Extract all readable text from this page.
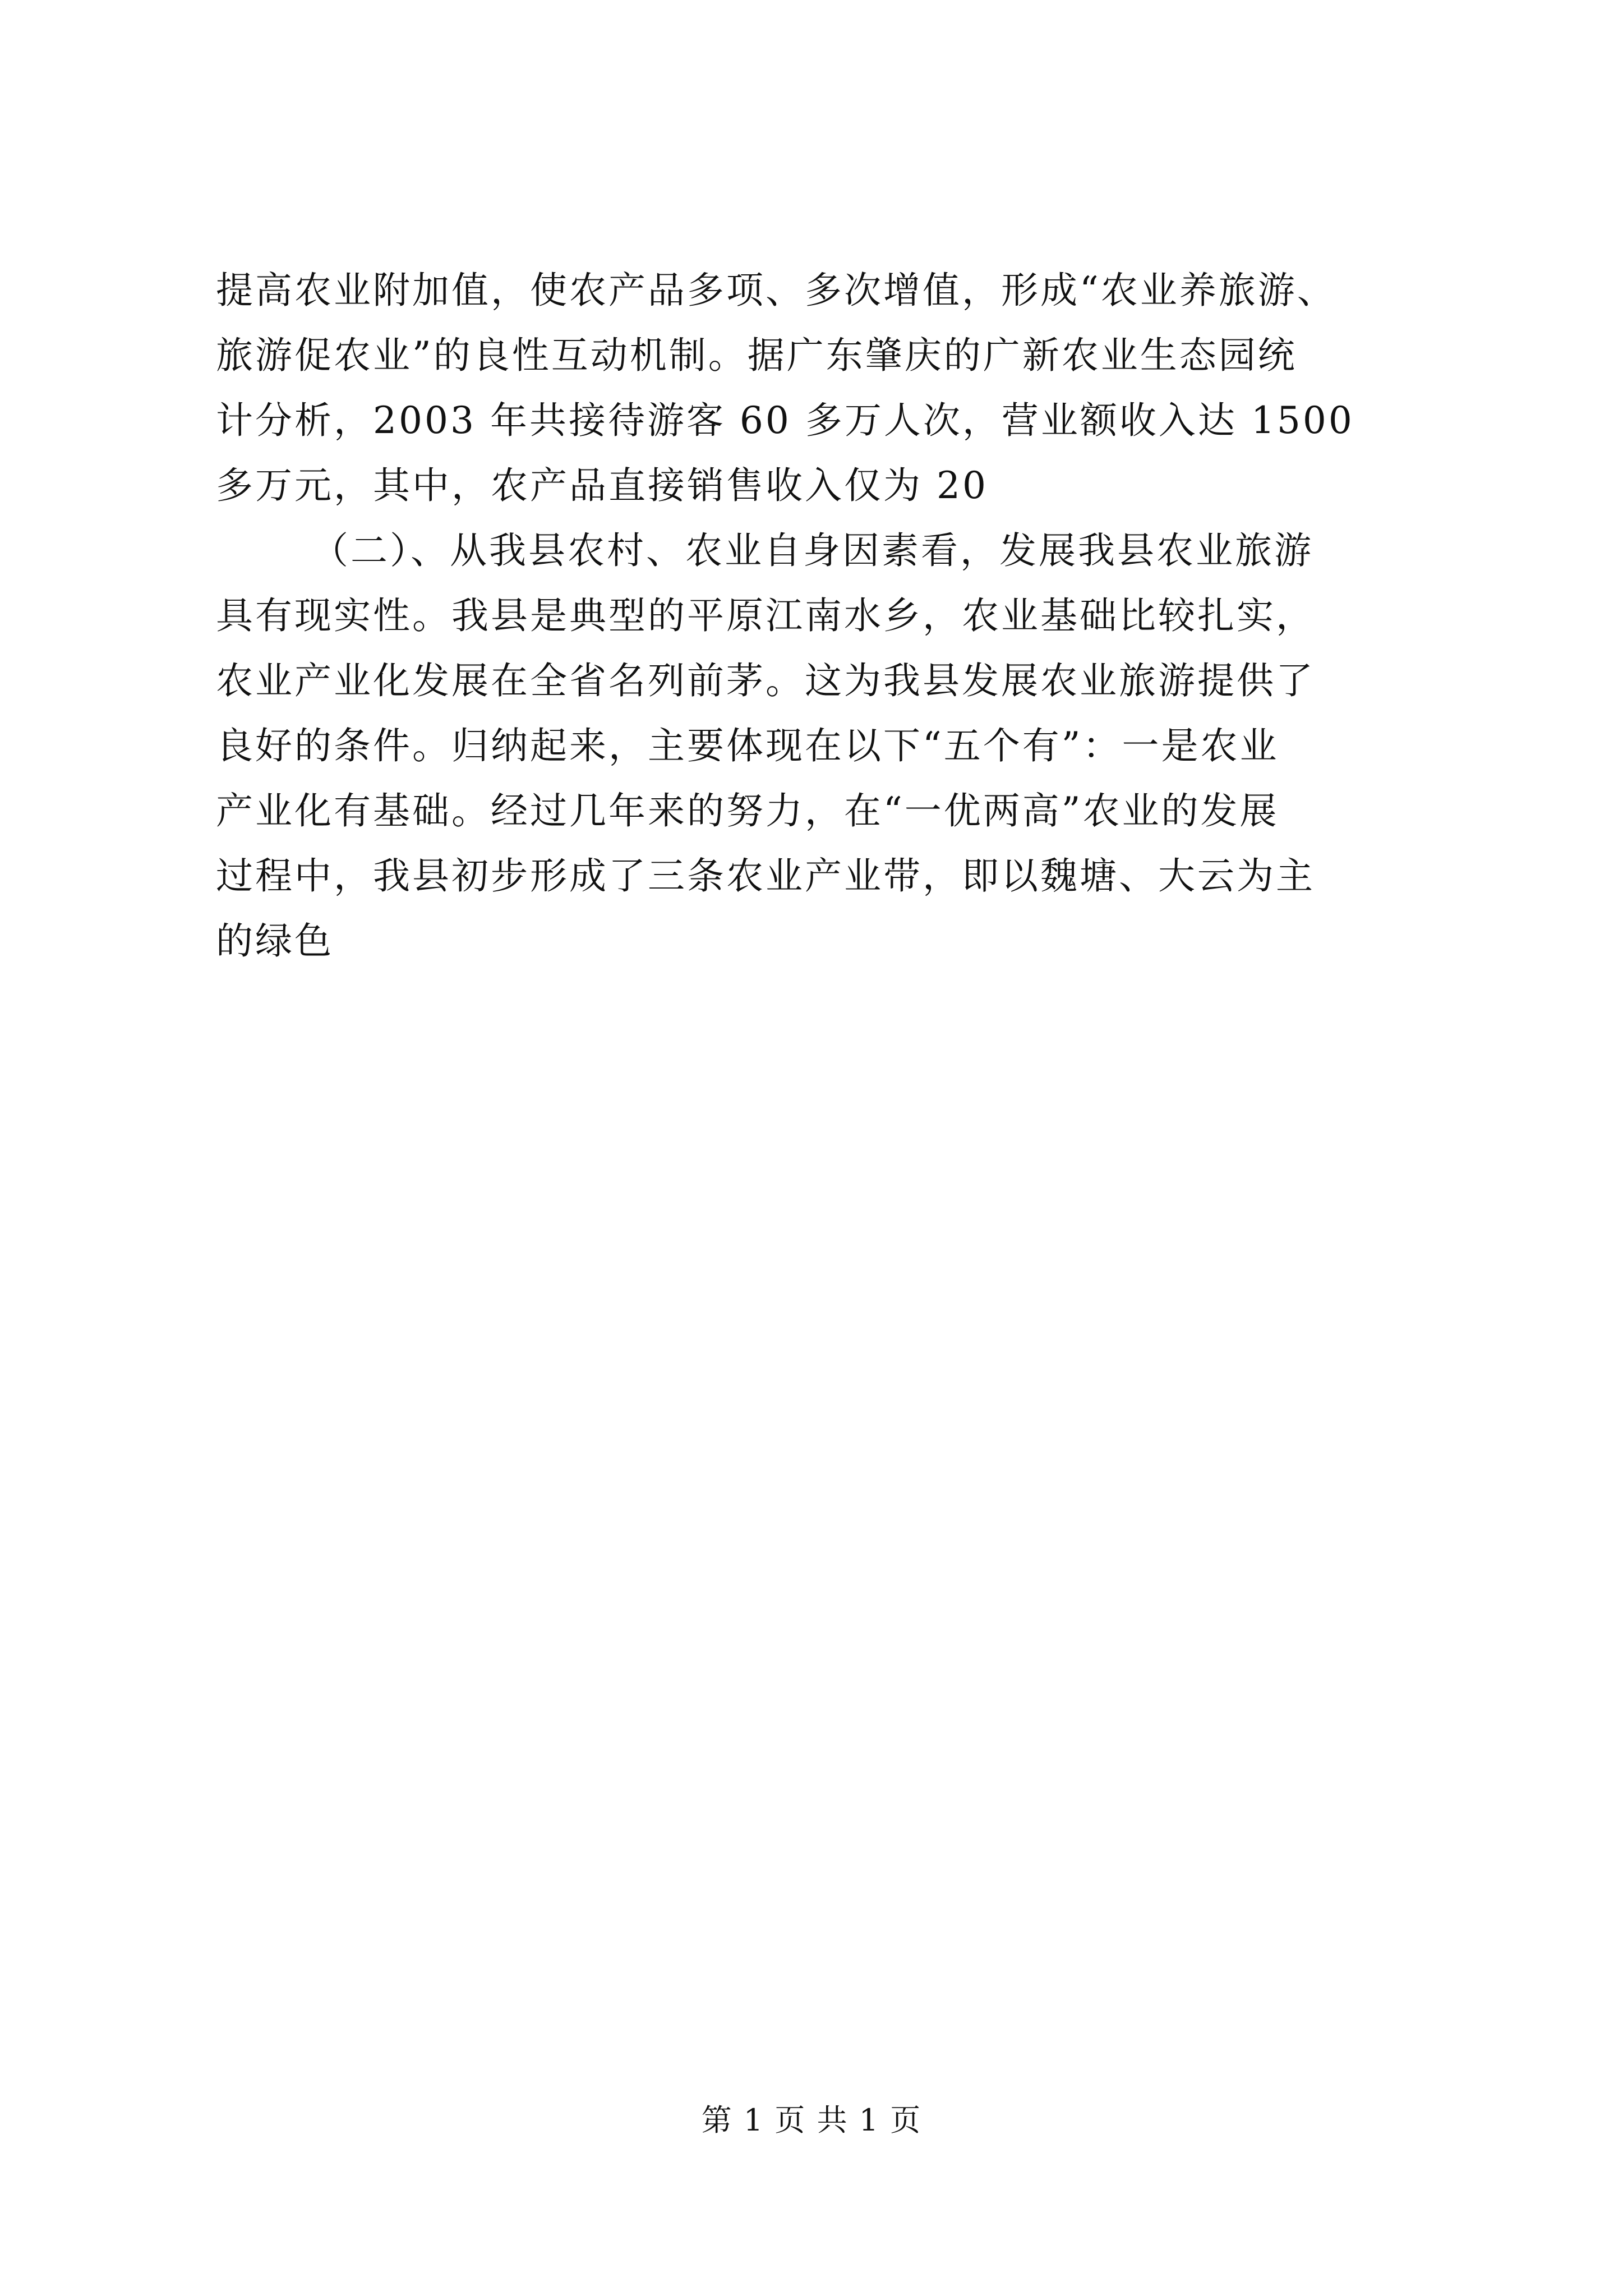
提高农业附加值，使农产品多项、多次增值，形成“农业养旅游、
旅游促农业”的良性互动机制。据广东肇庆的广新农业生态园统
计分析，2003 年共接待游客 60 多万人次，营业额收入达 1500
多万元，其中，农产品直接销售收入仅为 20
（二）、从我县农村、农业自身因素看，发展我县农业旅游
具有现实性。我县是典型的平原江南水乡，农业基础比较扎实，
农业产业化发展在全省名列前茅。这为我县发展农业旅游提供了
良好的条件。归纳起来，主要体现在以下“五个有”：一是农业
产业化有基础。经过几年来的努力，在“一优两高”农业的发展
过程中，我县初步形成了三条农业产业带，即以魏塘、大云为主
的绿色
第 1 页 共 1 页
